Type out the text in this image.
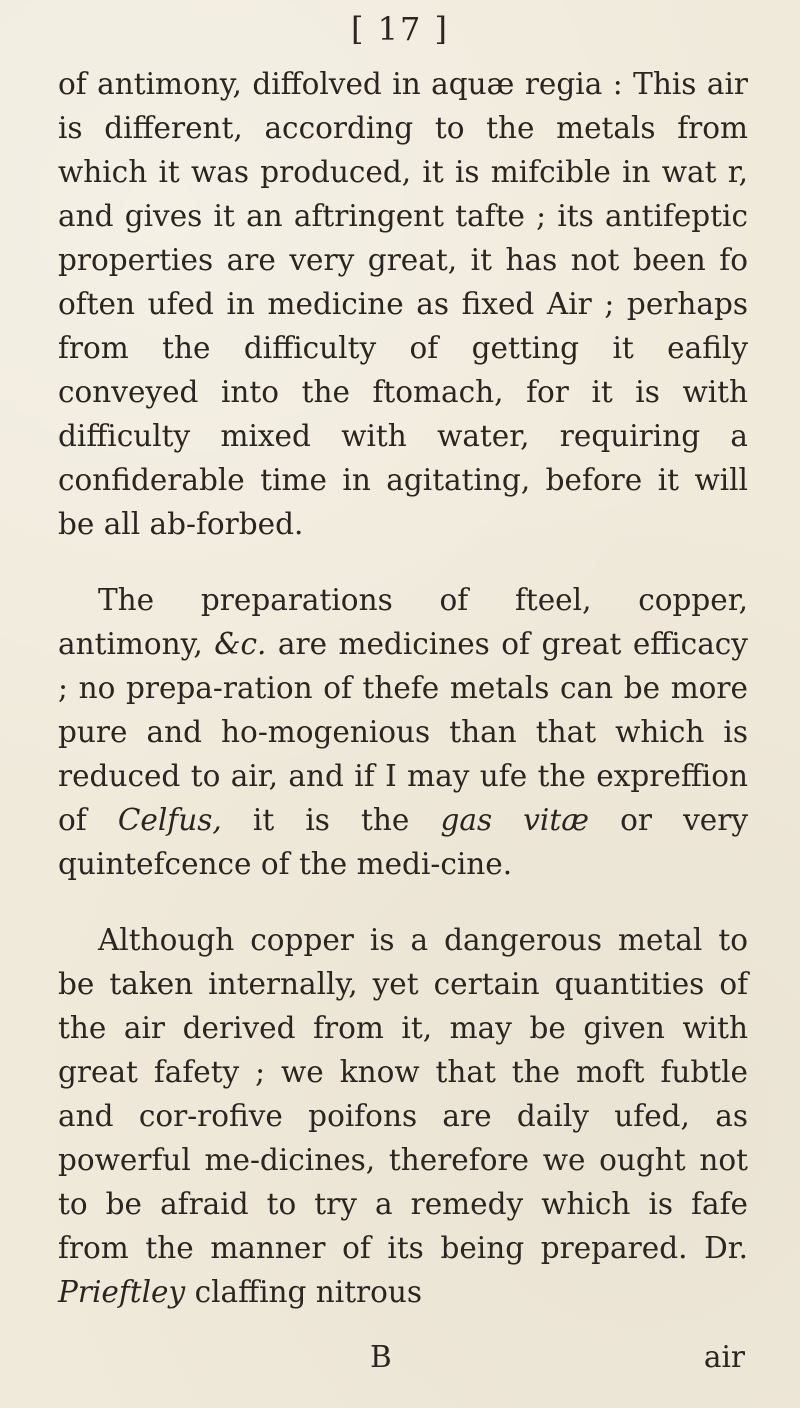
[ 17 ]

of antimony, diffolved in aquæ regia : This air is different, according to the metals from which it was produced, it is mifcible in wat r, and gives it an aftringent tafte ; its antifeptic properties are very great, it has not been fo often ufed in medicine as fixed Air ; perhaps from the difficulty of getting it eafily conveyed into the ftomach, for it is with difficulty mixed with water, requiring a confiderable time in agitating, before it will be all ab-forbed.

The preparations of fteel, copper, antimony, &c. are medicines of great efficacy ; no prepa-ration of thefe metals can be more pure and ho-mogenious than that which is reduced to air, and if I may ufe the expreffion of Celfus, it is the gas vitæ or very quintefcence of the medi-cine.

Although copper is a dangerous metal to be taken internally, yet certain quantities of the air derived from it, may be given with great fafety ; we know that the moft fubtle and cor-rofive poifons are daily ufed, as powerful me-dicines, therefore we ought not to be afraid to try a remedy which is fafe from the manner of its being prepared. Dr. Prieftley claffing nitrous

B	air
